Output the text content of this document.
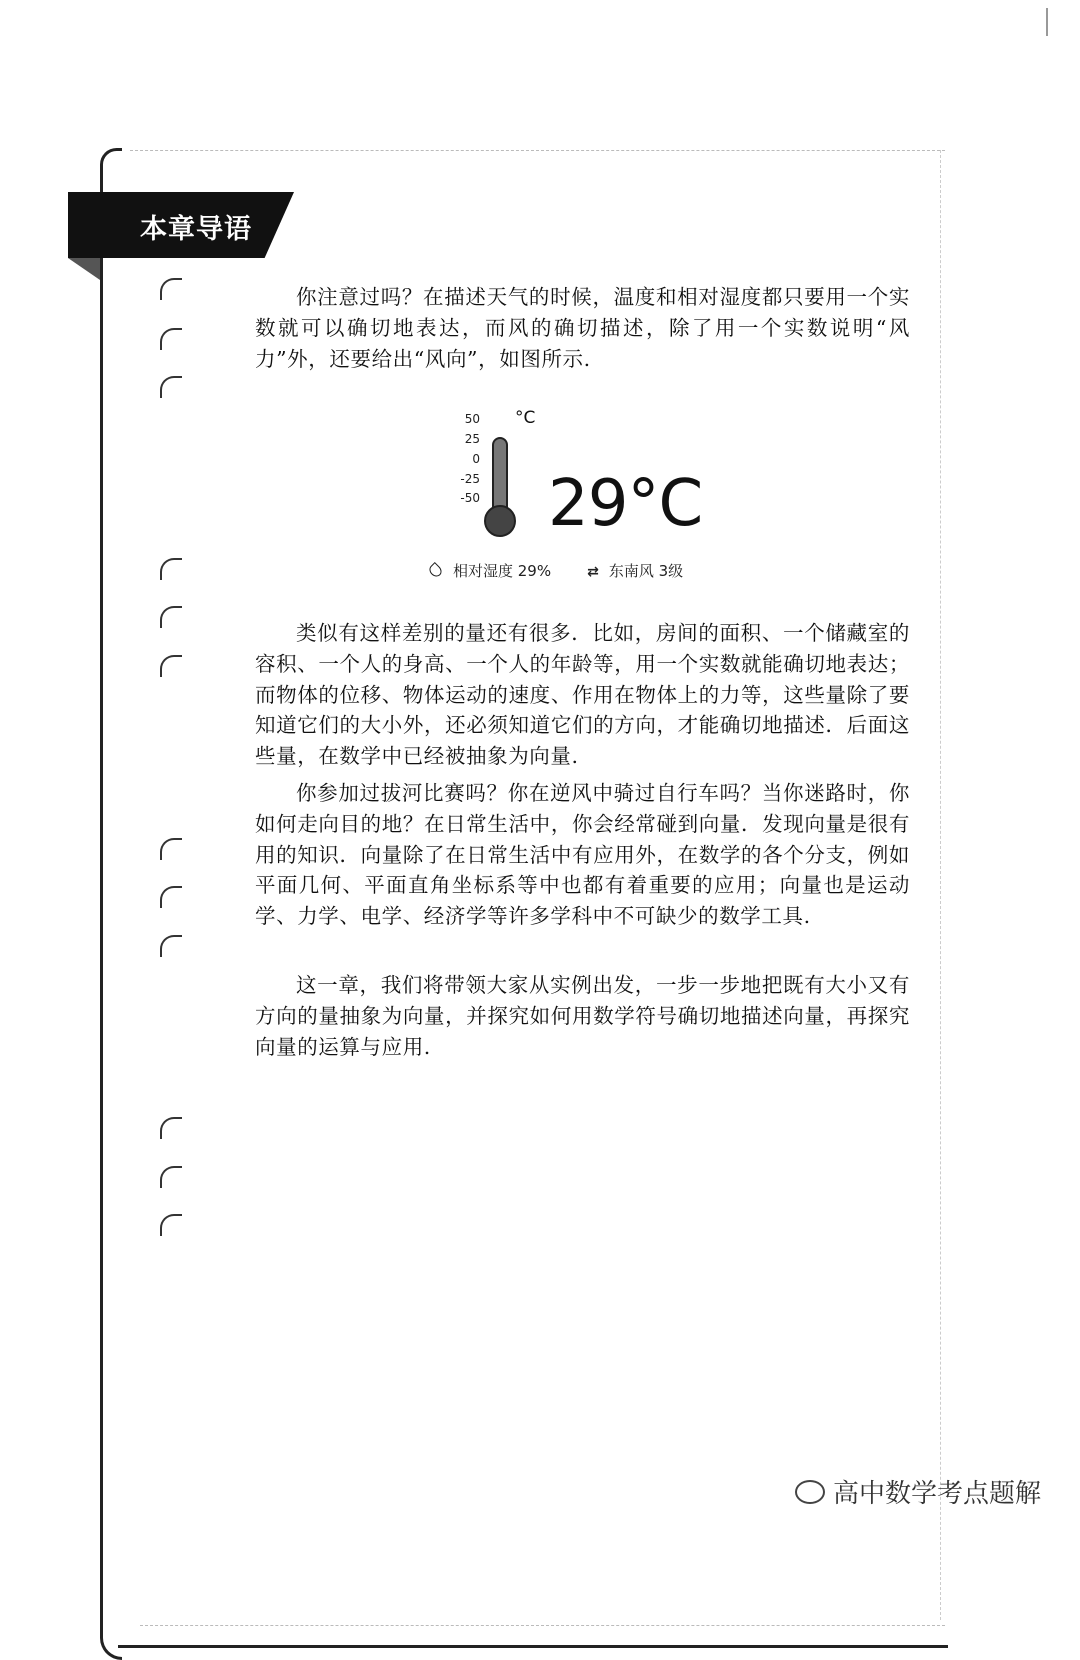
本章导语
你注意过吗？在描述天气的时候，温度和相对湿度都只要用一个实数就可以确切地表达，而风的确切描述，除了用一个实数说明“风力”外，还要给出“风向”，如图所示.
50
25
0
-25
-50
°C
29°C
相对湿度 29%	⇄ 东南风 3级
类似有这样差别的量还有很多．比如，房间的面积、一个储藏室的容积、一个人的身高、一个人的年龄等，用一个实数就能确切地表达；而物体的位移、物体运动的速度、作用在物体上的力等，这些量除了要知道它们的大小外，还必须知道它们的方向，才能确切地描述．后面这些量，在数学中已经被抽象为向量.
你参加过拔河比赛吗？你在逆风中骑过自行车吗？当你迷路时，你如何走向目的地？在日常生活中，你会经常碰到向量．发现向量是很有用的知识．向量除了在日常生活中有应用外，在数学的各个分支，例如平面几何、平面直角坐标系等中也都有着重要的应用；向量也是运动学、力学、电学、经济学等许多学科中不可缺少的数学工具.
这一章，我们将带领大家从实例出发，一步一步地把既有大小又有方向的量抽象为向量，并探究如何用数学符号确切地描述向量，再探究向量的运算与应用.
高中数学考点题解
